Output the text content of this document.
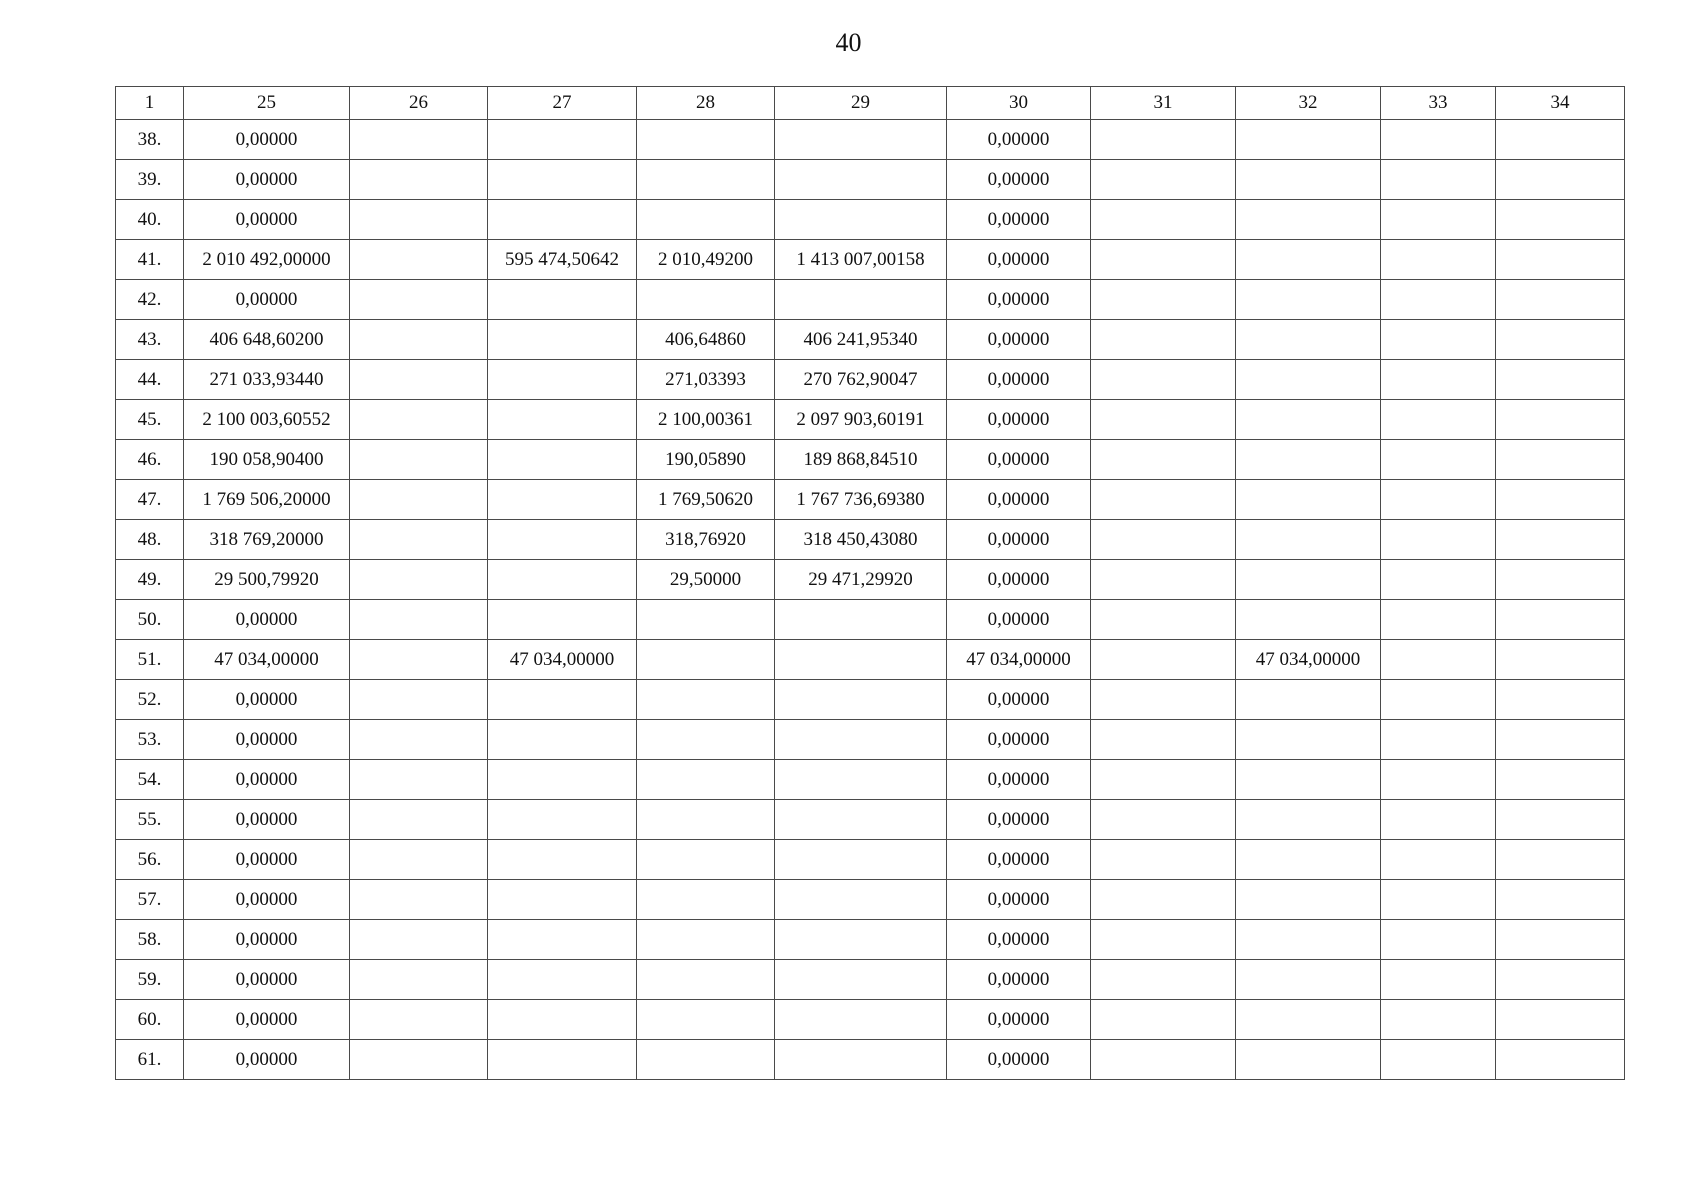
40
1	25	26	27	28	29	30	31	32	33	34
38.	0,00000					0,00000				
39.	0,00000					0,00000				
40.	0,00000					0,00000				
41.	2 010 492,00000		595 474,50642	2 010,49200	1 413 007,00158	0,00000				
42.	0,00000					0,00000				
43.	406 648,60200			406,64860	406 241,95340	0,00000				
44.	271 033,93440			271,03393	270 762,90047	0,00000				
45.	2 100 003,60552			2 100,00361	2 097 903,60191	0,00000				
46.	190 058,90400			190,05890	189 868,84510	0,00000				
47.	1 769 506,20000			1 769,50620	1 767 736,69380	0,00000				
48.	318 769,20000			318,76920	318 450,43080	0,00000				
49.	29 500,79920			29,50000	29 471,29920	0,00000				
50.	0,00000					0,00000				
51.	47 034,00000		47 034,00000			47 034,00000		47 034,00000		
52.	0,00000					0,00000				
53.	0,00000					0,00000				
54.	0,00000					0,00000				
55.	0,00000					0,00000				
56.	0,00000					0,00000				
57.	0,00000					0,00000				
58.	0,00000					0,00000				
59.	0,00000					0,00000				
60.	0,00000					0,00000				
61.	0,00000					0,00000				
